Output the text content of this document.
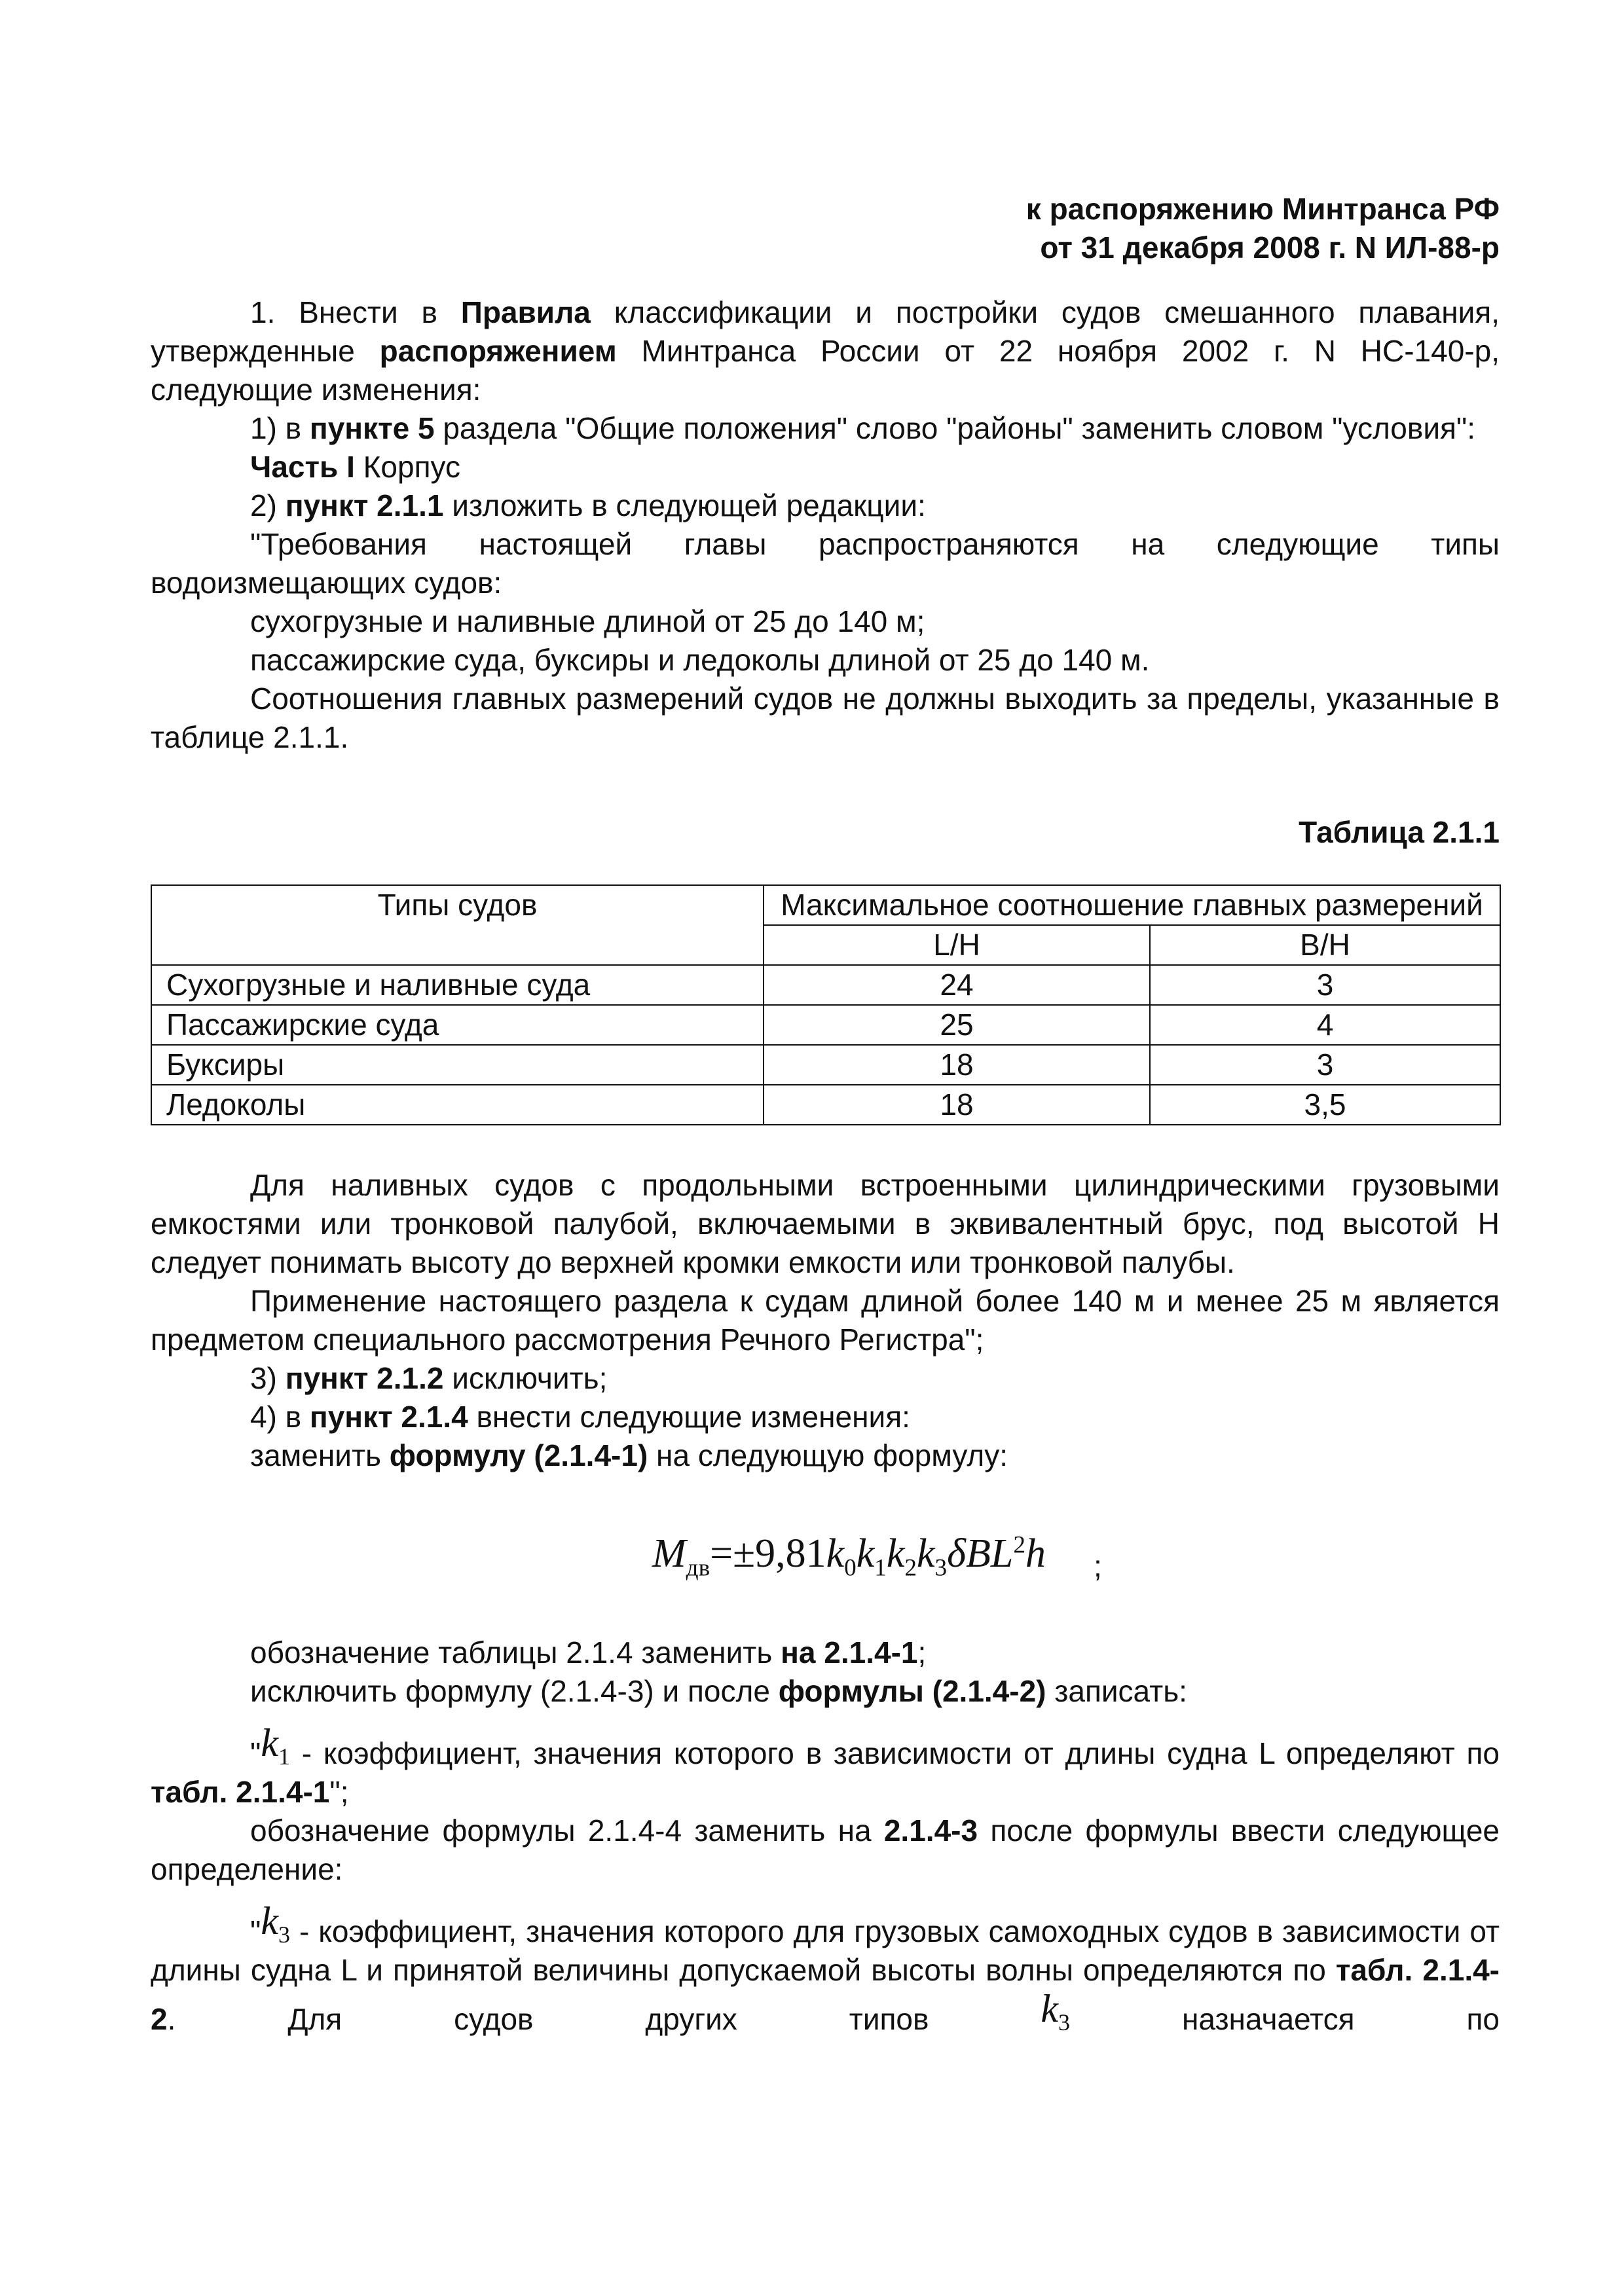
к распоряжению Минтранса РФ

от 31 декабря 2008 г. N ИЛ-88-р

1. Внести в Правила классификации и постройки судов смешанного плавания, утвержденные распоряжением Минтранса России от 22 ноября 2002 г. N НС-140-р, следующие изменения:

1) в пункте 5 раздела "Общие положения" слово "районы" заменить словом "условия":

Часть I Корпус

2) пункт 2.1.1 изложить в следующей редакции:

"Требования настоящей главы распространяются на следующие типы водоизмещающих судов:

сухогрузные и наливные длиной от 25 до 140 м;

пассажирские суда, буксиры и ледоколы длиной от 25 до 140 м.

Соотношения главных размерений судов не должны выходить за пределы, указанные в таблице 2.1.1.

Таблица 2.1.1

Типы судов	Максимальное соотношение главных размерений	
	L/H	B/H
Сухогрузные и наливные суда	24	3
Пассажирские суда	25	4
Буксиры	18	3
Ледоколы	18	3,5

Для наливных судов с продольными встроенными цилиндрическими грузовыми емкостями или тронковой палубой, включаемыми в эквивалентный брус, под высотой Н следует понимать высоту до верхней кромки емкости или тронковой палубы.

Применение настоящего раздела к судам длиной более 140 м и менее 25 м является предметом специального рассмотрения Речного Регистра";

3) пункт 2.1.2 исключить;

4) в пункт 2.1.4 внести следующие изменения:

заменить формулу (2.1.4-1) на следующую формулу:

$M_{дв}=\pm 9,81k_0k_1k_2k_3\delta BL^2h$ ;

обозначение таблицы 2.1.4 заменить на 2.1.4-1;

исключить формулу (2.1.4-3) и после формулы (2.1.4-2) записать:

"$k_1$ - коэффициент, значения которого в зависимости от длины судна L определяют по табл. 2.1.4-1";

обозначение формулы 2.1.4-4 заменить на 2.1.4-3 после формулы ввести следующее определение:

"$k_3$ - коэффициент, значения которого для грузовых самоходных судов в зависимости от длины судна L и принятой величины допускаемой высоты волны определяются по табл. 2.1.4-2. Для судов других типов $k_3$ назначается по
